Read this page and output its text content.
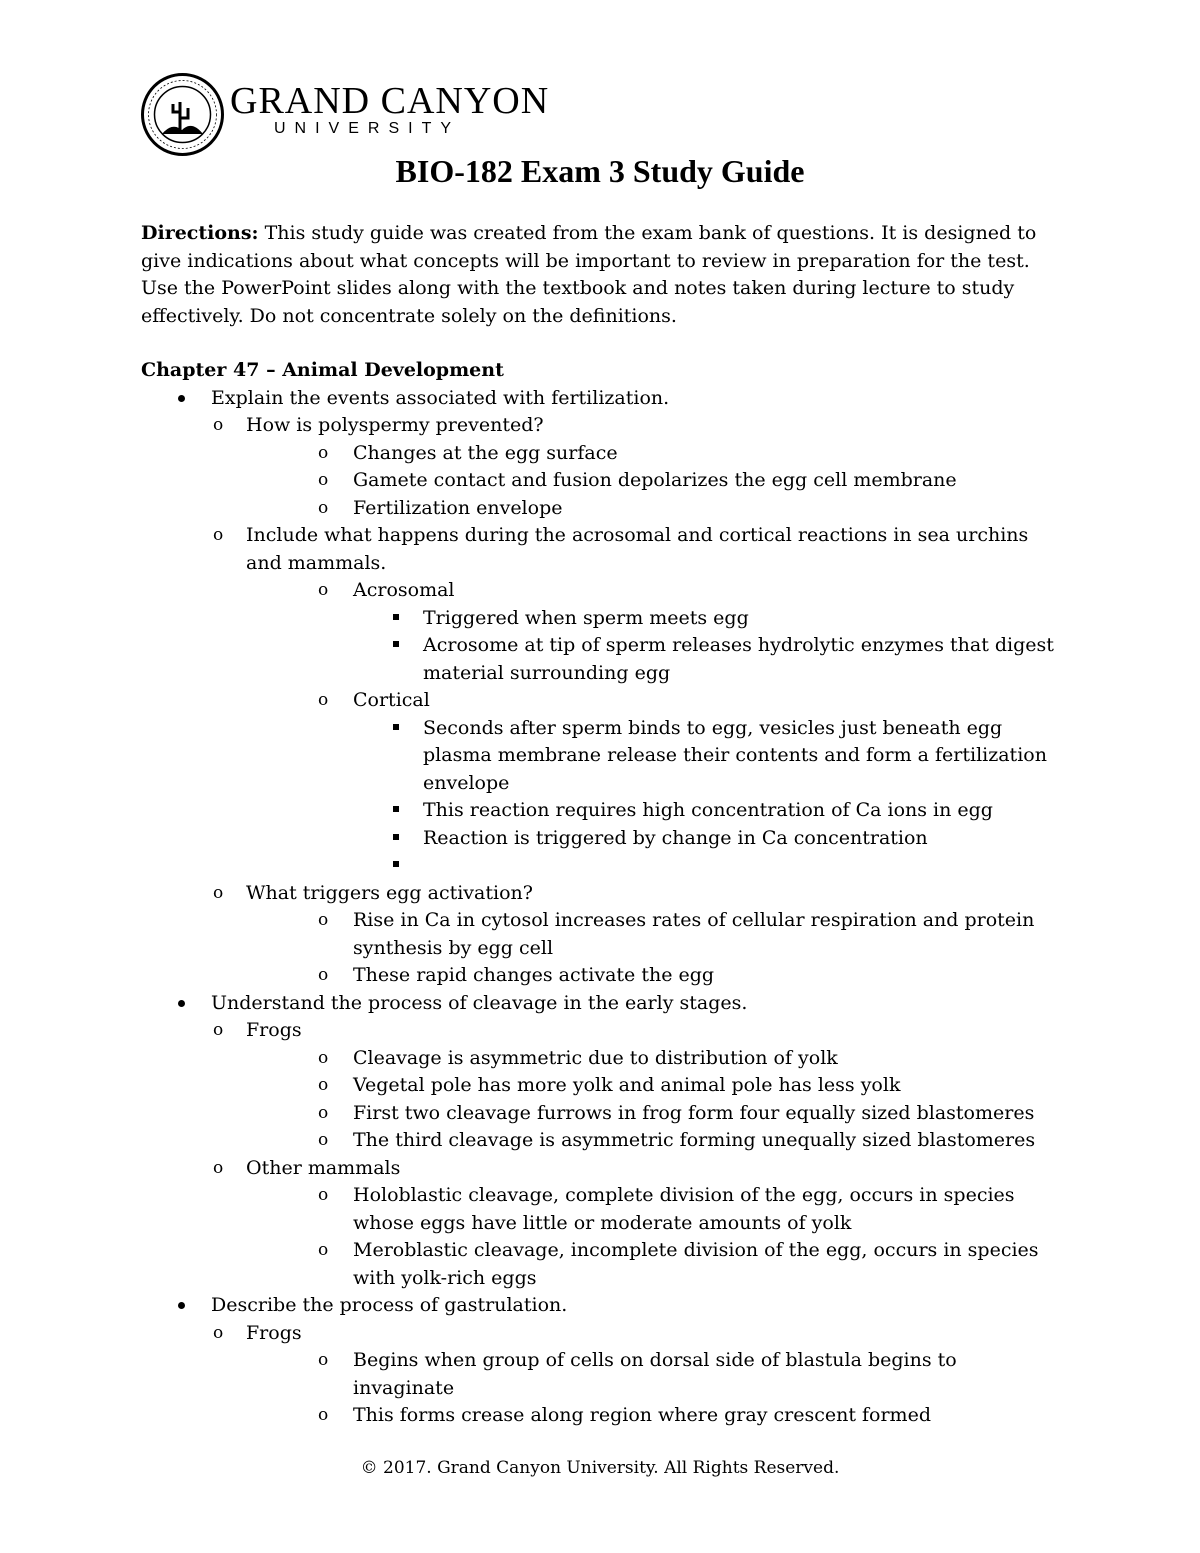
GRAND CANYON
UNIVERSITY
BIO-182 Exam 3 Study Guide

Directions: This study guide was created from the exam bank of questions. It is designed to give indications about what concepts will be important to review in preparation for the test. Use the PowerPoint slides along with the textbook and notes taken during lecture to study effectively. Do not concentrate solely on the definitions.

Chapter 47 – Animal Development

Explain the events associated with fertilization.
o How is polyspermy prevented?
o Changes at the egg surface
o Gamete contact and fusion depolarizes the egg cell membrane
o Fertilization envelope
o Include what happens during the acrosomal and cortical reactions in sea urchins and mammals.
o Acrosomal
Triggered when sperm meets egg
Acrosome at tip of sperm releases hydrolytic enzymes that digest material surrounding egg
o Cortical
Seconds after sperm binds to egg, vesicles just beneath egg plasma membrane release their contents and form a fertilization envelope
This reaction requires high concentration of Ca ions in egg
Reaction is triggered by change in Ca concentration
o What triggers egg activation?
o Rise in Ca in cytosol increases rates of cellular respiration and protein synthesis by egg cell
o These rapid changes activate the egg
Understand the process of cleavage in the early stages.
o Frogs
o Cleavage is asymmetric due to distribution of yolk
o Vegetal pole has more yolk and animal pole has less yolk
o First two cleavage furrows in frog form four equally sized blastomeres
o The third cleavage is asymmetric forming unequally sized blastomeres
o Other mammals
o Holoblastic cleavage, complete division of the egg, occurs in species whose eggs have little or moderate amounts of yolk
o Meroblastic cleavage, incomplete division of the egg, occurs in species with yolk-rich eggs
Describe the process of gastrulation.
o Frogs
o Begins when group of cells on dorsal side of blastula begins to invaginate
o This forms crease along region where gray crescent formed
© 2017. Grand Canyon University. All Rights Reserved.
